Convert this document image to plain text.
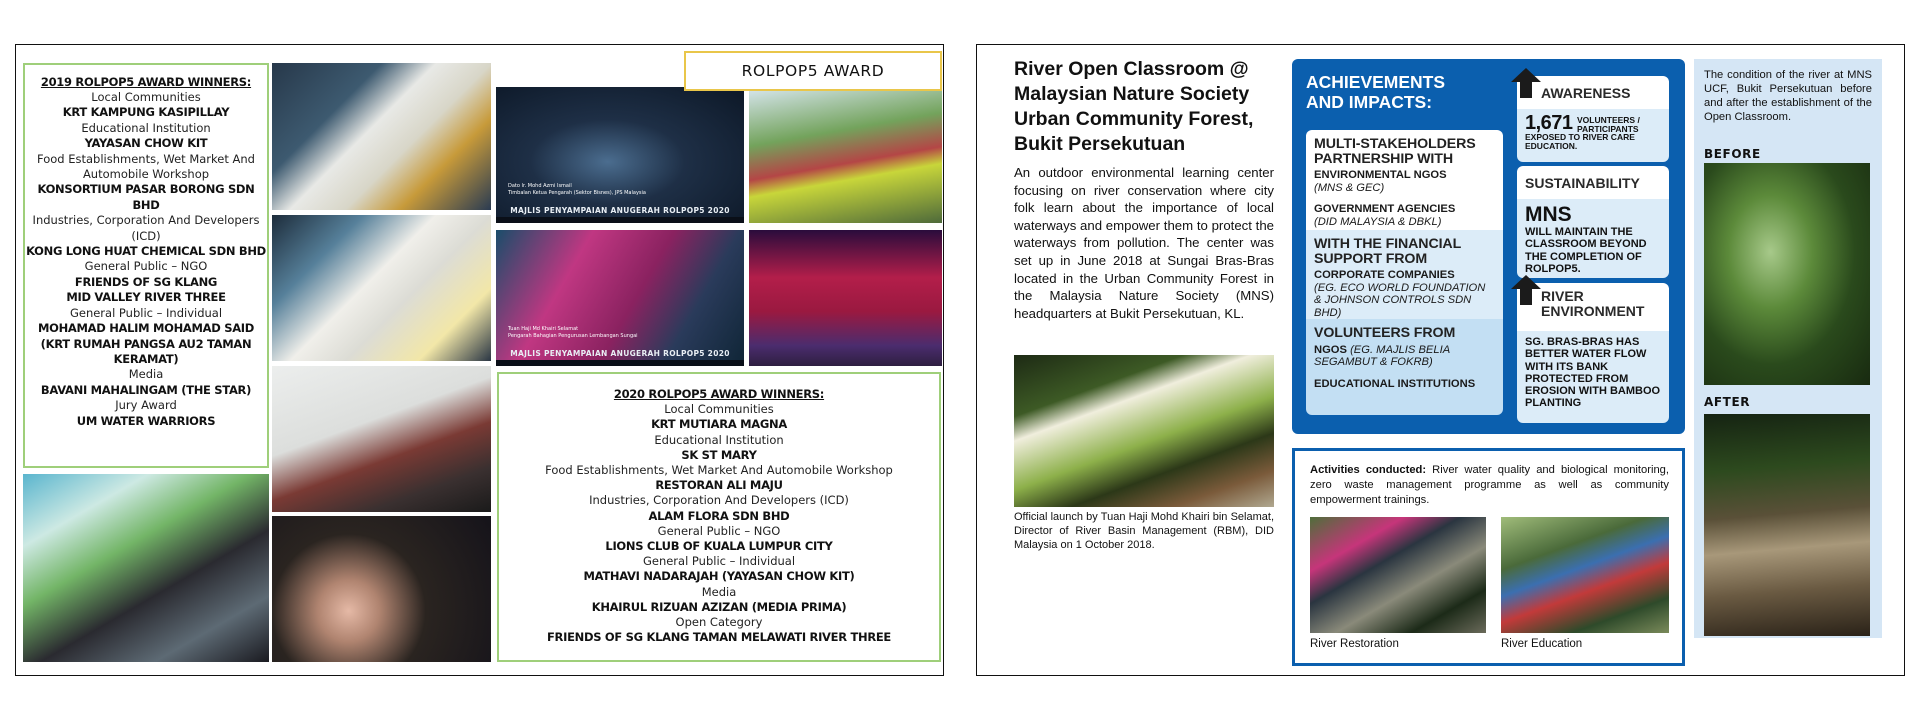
2019 ROLPOP5 AWARD WINNERS:
Local Communities
KRT KAMPUNG KASIPILLAY
Educational Institution
YAYASAN CHOW KIT
Food Establishments, Wet Market And Automobile Workshop
KONSORTIUM PASAR BORONG SDN BHD
Industries, Corporation And Developers (ICD)
KONG LONG HUAT CHEMICAL SDN BHD
General Public – NGO
FRIENDS OF SG KLANG
MID VALLEY RIVER THREE
General Public – Individual
MOHAMAD HALIM MOHAMAD SAID (KRT RUMAH PANGSA AU2 TAMAN KERAMAT)
Media
BAVANI MAHALINGAM (THE STAR)
Jury Award
UM WATER WARRIORS
ROLPOP5 AWARD
Dato Ir. Mohd Azmi Ismail
Timbalan Ketua Pengarah (Sektor Bisnes), JPS Malaysia
MAJLIS PENYAMPAIAN ANUGERAH ROLPOP5 2020
Tuan Haji Md Khairi Selamat
Pengarah Bahagian Pengurusan Lembangan Sungai
MAJLIS PENYAMPAIAN ANUGERAH ROLPOP5 2020
2020 ROLPOP5 AWARD WINNERS:
Local Communities
KRT MUTIARA MAGNA
Educational Institution
SK ST MARY
Food Establishments, Wet Market And Automobile Workshop
RESTORAN ALI MAJU
Industries, Corporation And Developers (ICD)
ALAM FLORA SDN BHD
General Public – NGO
LIONS CLUB OF KUALA LUMPUR CITY
General Public – Individual
MATHAVI NADARAJAH (YAYASAN CHOW KIT)
Media
KHAIRUL RIZUAN AZIZAN (MEDIA PRIMA)
Open Category
FRIENDS OF SG KLANG TAMAN MELAWATI RIVER THREE
River Open Classroom @ Malaysian Nature Society Urban Community Forest, Bukit Persekutuan
An outdoor environmental learning center focusing on river conservation where city folk learn about the importance of local waterways and empower them to protect the waterways from pollution. The center was set up in June 2018 at Sungai Bras-Bras located in the Urban Community Forest in the Malaysia Nature Society (MNS) headquarters at Bukit Persekutuan, KL.
Official launch by Tuan Haji Mohd Khairi bin Selamat, Director of River Basin Management (RBM), DID Malaysia on 1 October 2018.
ACHIEVEMENTS
AND IMPACTS:
MULTI-STAKEHOLDERS PARTNERSHIP WITH
ENVIRONMENTAL NGOS
(MNS & GEC)
GOVERNMENT AGENCIES
(DID MALAYSIA & DBKL)
WITH THE FINANCIAL SUPPORT FROM
CORPORATE COMPANIES
(EG. ECO WORLD FOUNDATION & JOHNSON CONTROLS SDN BHD)
VOLUNTEERS FROM
NGOS (EG. MAJLIS BELIA SEGAMBUT & FOKRB)
EDUCATIONAL INSTITUTIONS
AWARENESS
1,671 VOLUNTEERS / PARTICIPANTS
EXPOSED TO RIVER CARE EDUCATION.
SUSTAINABILITY
MNS
WILL MAINTAIN THE CLASSROOM BEYOND THE COMPLETION OF ROLPOP5.
RIVER
ENVIRONMENT
SG. BRAS-BRAS HAS BETTER WATER FLOW WITH ITS BANK PROTECTED FROM EROSION WITH BAMBOO PLANTING
Activities conducted: River water quality and biological monitoring, zero waste management programme as well as community empowerment trainings.
River Restoration	River Education
The condition of the river at MNS UCF, Bukit Persekutuan before and after the establishment of the Open Classroom.
BEFORE
AFTER
